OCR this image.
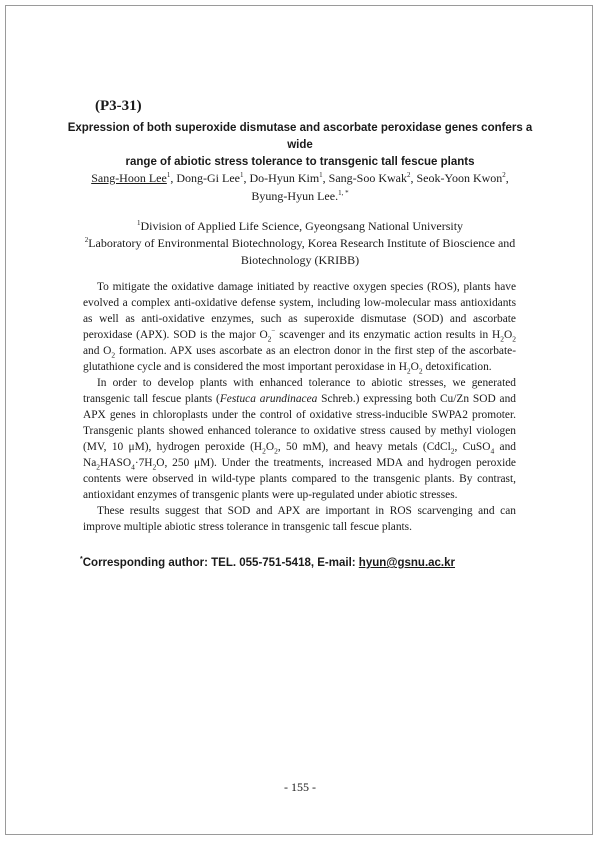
(P3-31)
Expression of both superoxide dismutase and ascorbate peroxidase genes confers a wide
range of abiotic stress tolerance to transgenic tall fescue plants
Sang-Hoon Lee$^1$, Dong-Gi Lee$^1$, Do-Hyun Kim$^1$, Sang-Soo Kwak$^2$, Seok-Yoon Kwon$^2$,
Byung-Hyun Lee.$^{1, *}$
$^1$Division of Applied Life Science, Gyeongsang National University
$^2$Laboratory of Environmental Biotechnology, Korea Research Institute of Bioscience and
Biotechnology (KRIBB)

To mitigate the oxidative damage initiated by reactive oxygen species (ROS), plants have evolved a complex anti-oxidative defense system, including low-molecular mass antioxidants as well as anti-oxidative enzymes, such as superoxide dismutase (SOD) and ascorbate peroxidase (APX). SOD is the major $O_2^-$ scavenger and its enzymatic action results in $H_2O_2$ and $O_2$ formation. APX uses ascorbate as an electron donor in the first step of the ascorbate-glutathione cycle and is considered the most important peroxidase in $H_2O_2$ detoxification.

In order to develop plants with enhanced tolerance to abiotic stresses, we generated transgenic tall fescue plants (Festuca arundinacea Schreb.) expressing both Cu/Zn SOD and APX genes in chloroplasts under the control of oxidative stress-inducible SWPA2 promoter. Transgenic plants showed enhanced tolerance to oxidative stress caused by methyl viologen (MV, 10 μM), hydrogen peroxide ($H_2O_2$, 50 mM), and heavy metals (CdCl$_2$, CuSO$_4$ and $Na_2HASO_4\cdot 7H_2O$, 250 μM). Under the treatments, increased MDA and hydrogen peroxide contents were observed in wild-type plants compared to the transgenic plants. By contrast, antioxidant enzymes of transgenic plants were up-regulated under abiotic stresses.

These results suggest that SOD and APX are important in ROS scarvenging and can improve multiple abiotic stress tolerance in transgenic tall fescue plants.

*Corresponding author: TEL. 055-751-5418, E-mail: hyun@gsnu.ac.kr
- 155 -
